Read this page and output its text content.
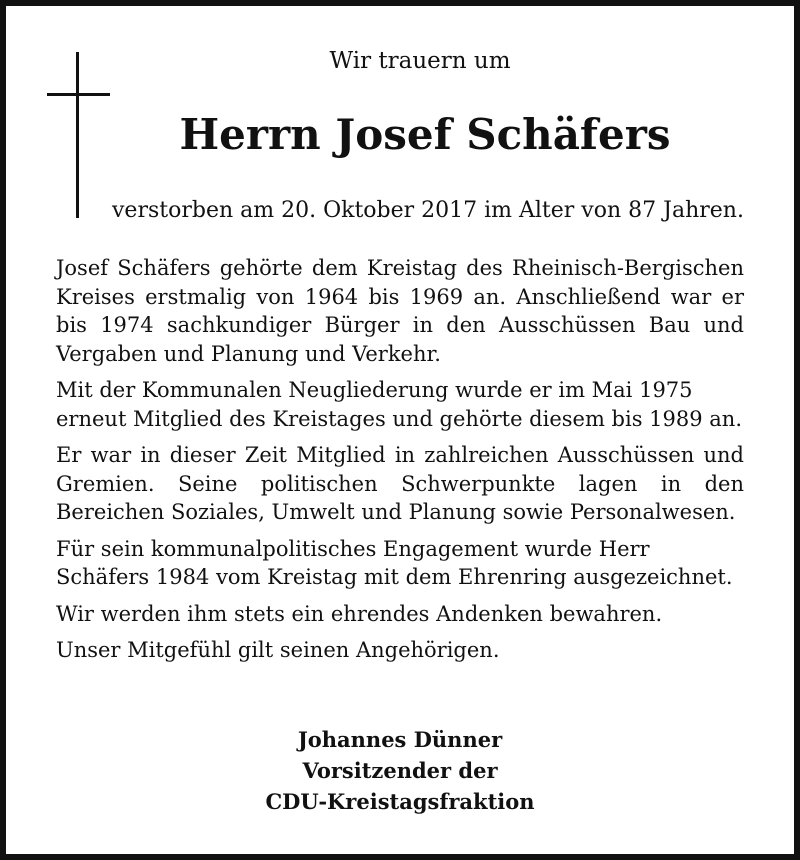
Wir trauern um
Herrn Josef Schäfers
verstorben am 20. Oktober 2017 im Alter von 87 Jahren.

Josef Schäfers gehörte dem Kreistag des Rheinisch-Bergischen Kreises erstmalig von 1964 bis 1969 an. Anschließend war er bis 1974 sachkundiger Bürger in den Ausschüssen Bau und Vergaben und Planung und Verkehr.

Mit der Kommunalen Neugliederung wurde er im Mai 1975 erneut Mitglied des Kreistages und gehörte diesem bis 1989 an.

Er war in dieser Zeit Mitglied in zahlreichen Ausschüssen und Gremien. Seine politischen Schwerpunkte lagen in den Bereichen Soziales, Umwelt und Planung sowie Personalwesen.

Für sein kommunalpolitisches Engagement wurde Herr Schäfers 1984 vom Kreistag mit dem Ehrenring ausgezeichnet.

Wir werden ihm stets ein ehrendes Andenken bewahren.

Unser Mitgefühl gilt seinen Angehörigen.

Johannes Dünner
Vorsitzender der
CDU-Kreistagsfraktion
